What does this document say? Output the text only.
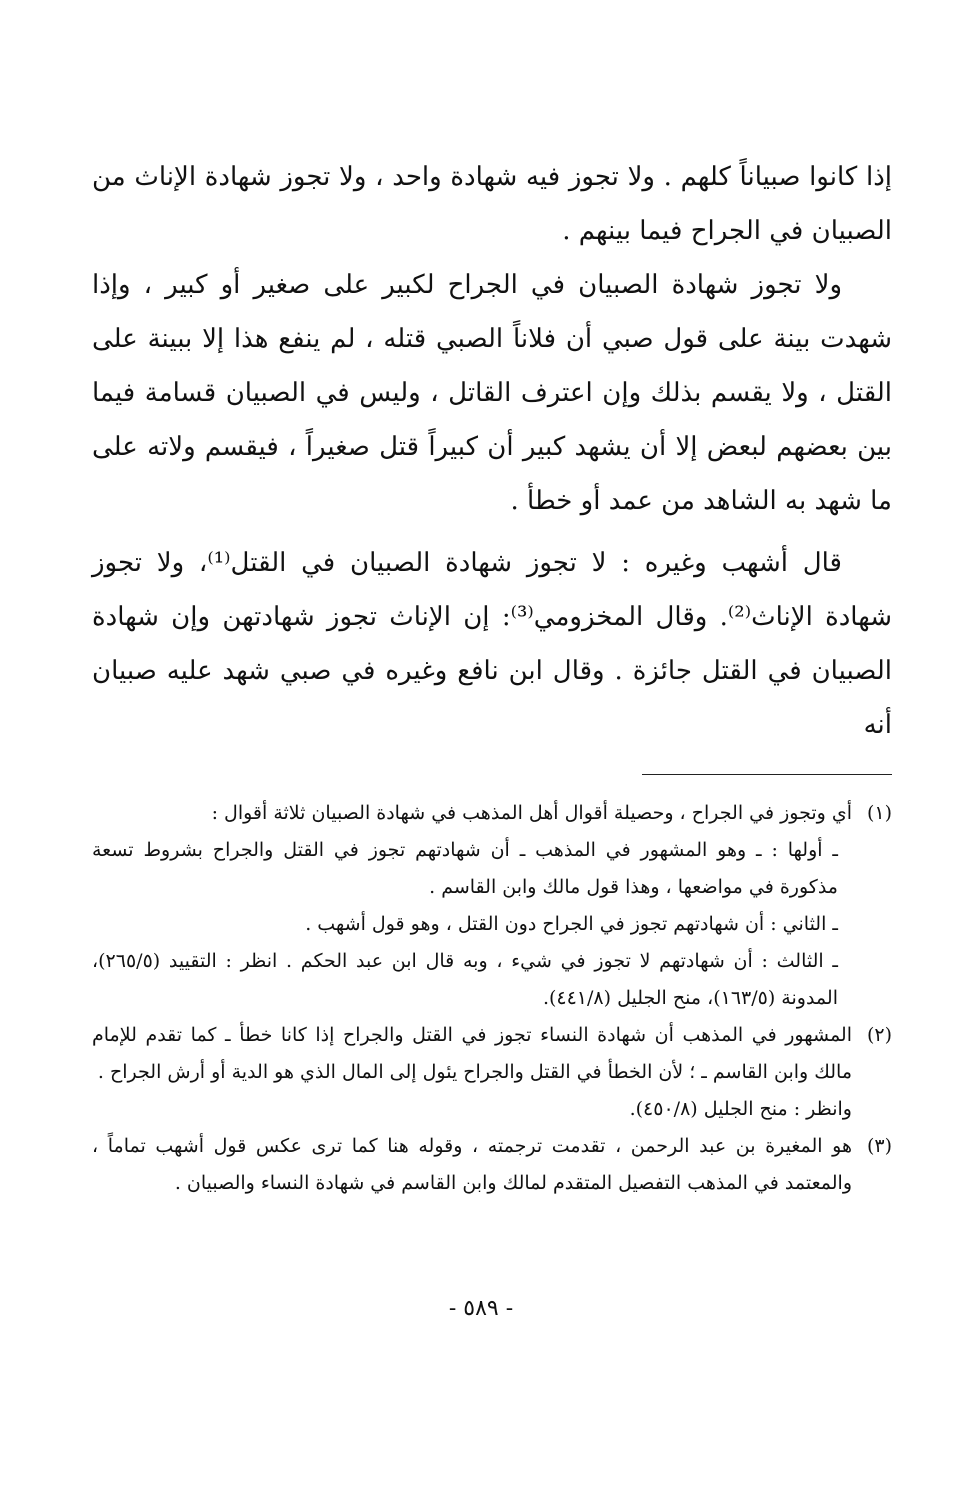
إذا كانوا صبياناً كلهم . ولا تجوز فيه شهادة واحد ، ولا تجوز شهادة الإناث من الصبيان في الجراح فيما بينهم .

ولا تجوز شهادة الصبيان في الجراح لكبير على صغير أو كبير ، وإذا شهدت بينة على قول صبي أن فلاناً الصبي قتله ، لم ينفع هذا إلا ببينة على القتل ، ولا يقسم بذلك وإن اعترف القاتل ، وليس في الصبيان قسامة فيما بين بعضهم لبعض إلا أن يشهد كبير أن كبيراً قتل صغيراً ، فيقسم ولاته على ما شهد به الشاهد من عمد أو خطأ .

قال أشهب وغيره : لا تجوز شهادة الصبيان في القتل⁽¹⁾، ولا تجوز شهادة الإناث⁽²⁾. وقال المخزومي⁽³⁾: إن الإناث تجوز شهادتهن وإن شهادة الصبيان في القتل جائزة . وقال ابن نافع وغيره في صبي شهد عليه صبيان أنه

(١)

أي وتجوز في الجراح ، وحصيلة أقوال أهل المذهب في شهادة الصبيان ثلاثة أقوال :

ـ أولها : ـ وهو المشهور في المذهب ـ أن شهادتهم تجوز في القتل والجراح بشروط تسعة مذكورة في مواضعها ، وهذا قول مالك وابن القاسم .

ـ الثاني : أن شهادتهم تجوز في الجراح دون القتل ، وهو قول أشهب .

ـ الثالث : أن شهادتهم لا تجوز في شيء ، وبه قال ابن عبد الحكم . انظر : التقييد (٢٦٥/٥)، المدونة (١٦٣/٥)، منح الجليل (٤٤١/٨).

(٢)

المشهور في المذهب أن شهادة النساء تجوز في القتل والجراح إذا كانا خطأ ـ كما تقدم للإمام مالك وابن القاسم ـ ؛ لأن الخطأ في القتل والجراح يئول إلى المال الذي هو الدية أو أرش الجراح .

وانظر : منح الجليل (٤٥٠/٨).

(٣)

هو المغيرة بن عبد الرحمن ، تقدمت ترجمته ، وقوله هنا كما ترى عكس قول أشهب تماماً ، والمعتمد في المذهب التفصيل المتقدم لمالك وابن القاسم في شهادة النساء والصبيان .

- ٥٨٩ -
